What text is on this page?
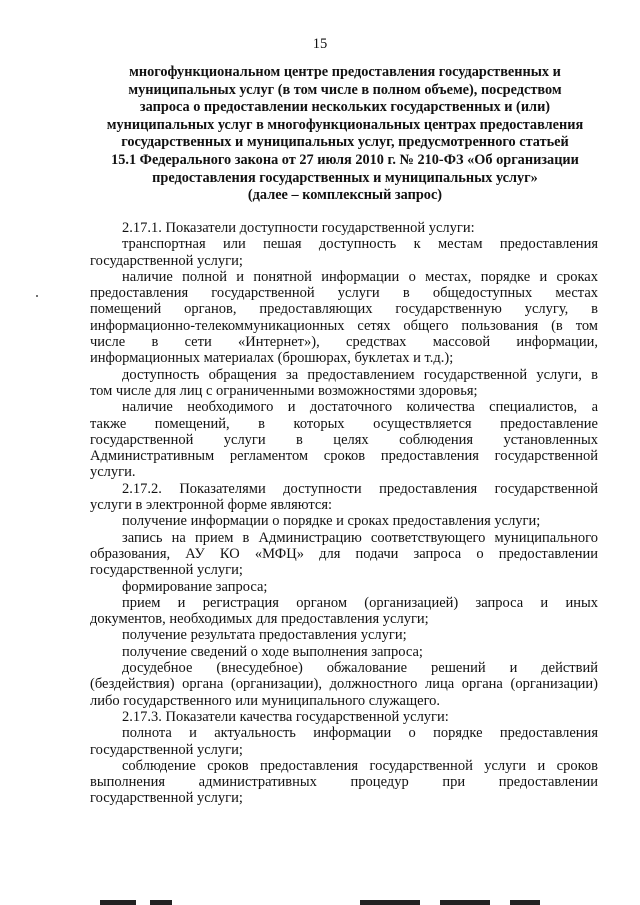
15
многофункциональном центре предоставления государственных и
муниципальных услуг (в том числе в полном объеме), посредством
запроса о предоставлении нескольких государственных и (или)
муниципальных услуг в многофункциональных центрах предоставления
государственных и муниципальных услуг, предусмотренного статьей
15.1 Федерального закона от 27 июля 2010 г. № 210-ФЗ «Об организации
предоставления государственных и муниципальных услуг»
(далее – комплексный запрос)

2.17.1. Показатели доступности государственной услуги:

транспортная или пешая доступность к местам предоставления
государственной услуги;

наличие полной и понятной информации о местах, порядке и сроках
предоставления государственной услуги в общедоступных местах
помещений органов, предоставляющих государственную услугу, в
информационно-телекоммуникационных сетях общего пользования (в том
числе в сети «Интернет»), средствах массовой информации,
информационных материалах (брошюрах, буклетах и т.д.);

доступность обращения за предоставлением государственной услуги, в
том числе для лиц с ограниченными возможностями здоровья;

наличие необходимого и достаточного количества специалистов, а
также помещений, в которых осуществляется предоставление
государственной услуги в целях соблюдения установленных
Административным регламентом сроков предоставления государственной
услуги.

2.17.2. Показателями доступности предоставления государственной
услуги в электронной форме являются:

получение информации о порядке и сроках предоставления услуги;

запись на прием в Администрацию соответствующего муниципального
образования, АУ КО «МФЦ» для подачи запроса о предоставлении
государственной услуги;

формирование запроса;

прием и регистрация органом (организацией) запроса и иных
документов, необходимых для предоставления услуги;

получение результата предоставления услуги;

получение сведений о ходе выполнения запроса;

досудебное (внесудебное) обжалование решений и действий
(бездействия) органа (организации), должностного лица органа (организации)
либо государственного или муниципального служащего.

2.17.3. Показатели качества государственной услуги:

полнота и актуальность информации о порядке предоставления
государственной услуги;

соблюдение сроков предоставления государственной услуги и сроков
выполнения административных процедур при предоставлении
государственной услуги;
